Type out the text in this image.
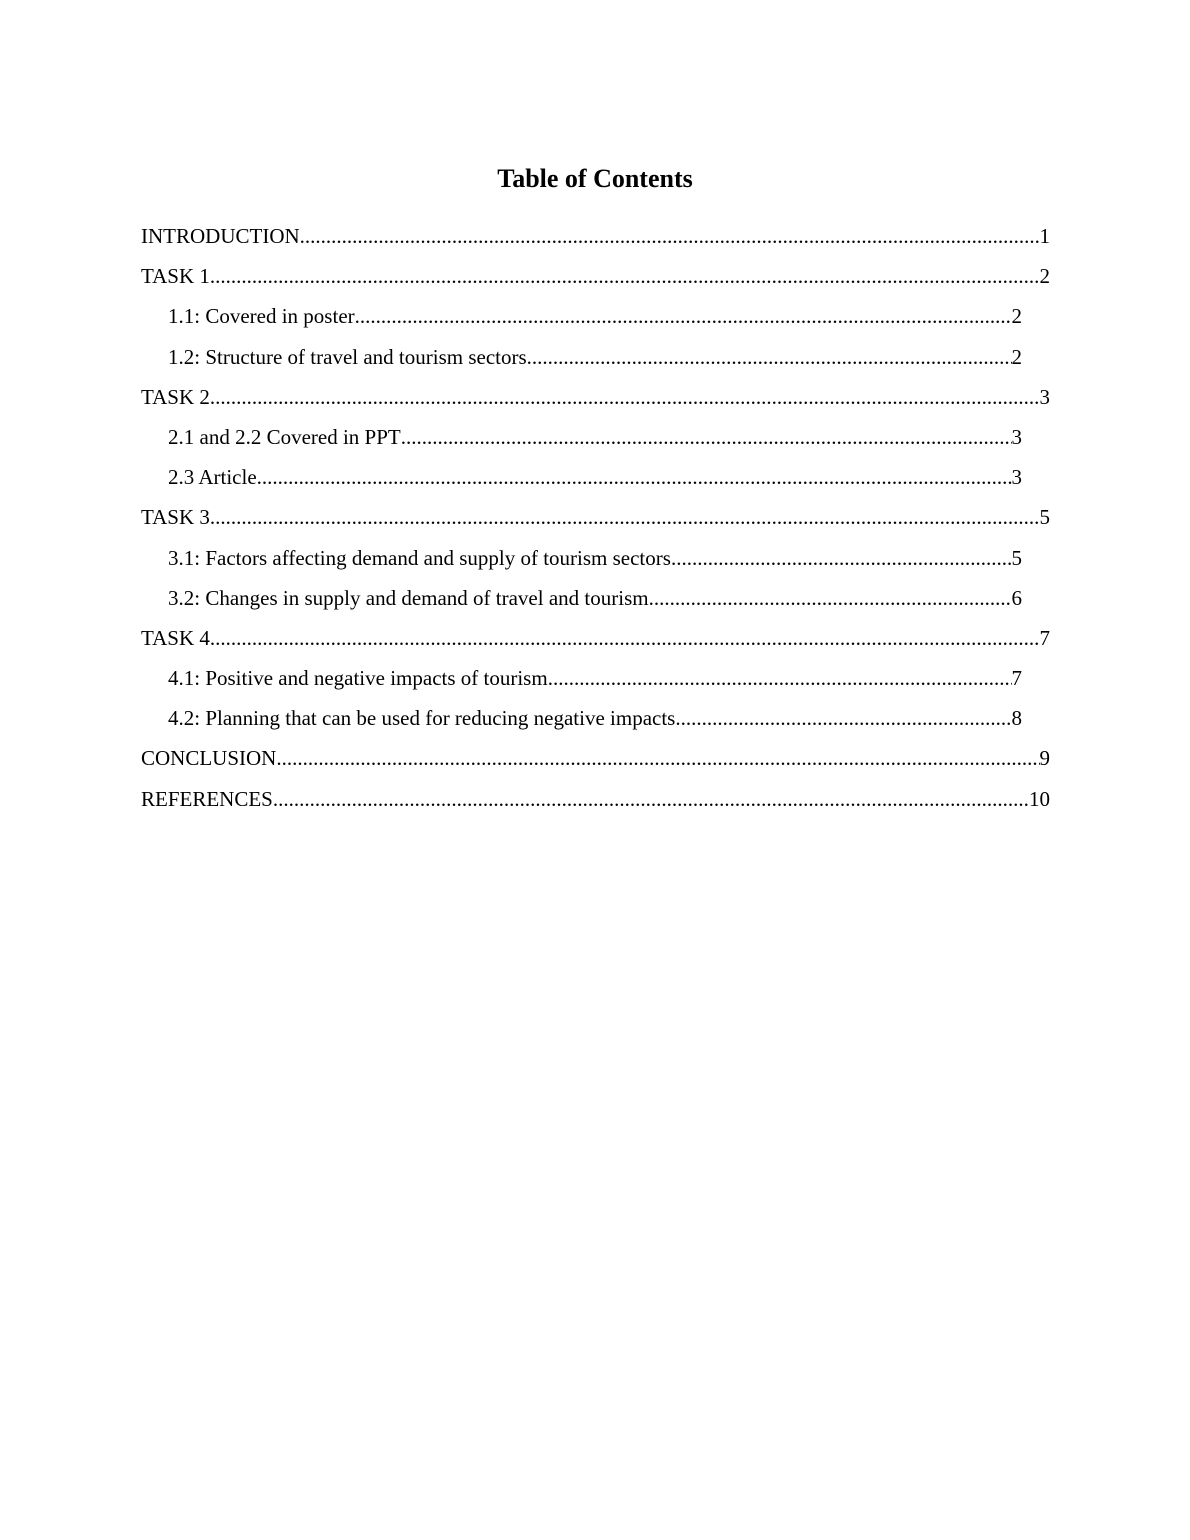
Table of Contents
INTRODUCTION .....	1
TASK 1 .....	2
1.1: Covered in poster .....	2
1.2: Structure of travel and tourism sectors .....	2
TASK 2 .....	3
2.1 and 2.2 Covered in PPT .....	3
2.3 Article .....	3
TASK 3 .....	5
3.1: Factors affecting demand and supply of tourism sectors .....	5
3.2: Changes in supply and demand of travel and tourism .....	6
TASK 4 .....	7
4.1: Positive and negative impacts of tourism .....	7
4.2: Planning that can be used for reducing negative impacts .....	8
CONCLUSION .....	9
REFERENCES .....	10
